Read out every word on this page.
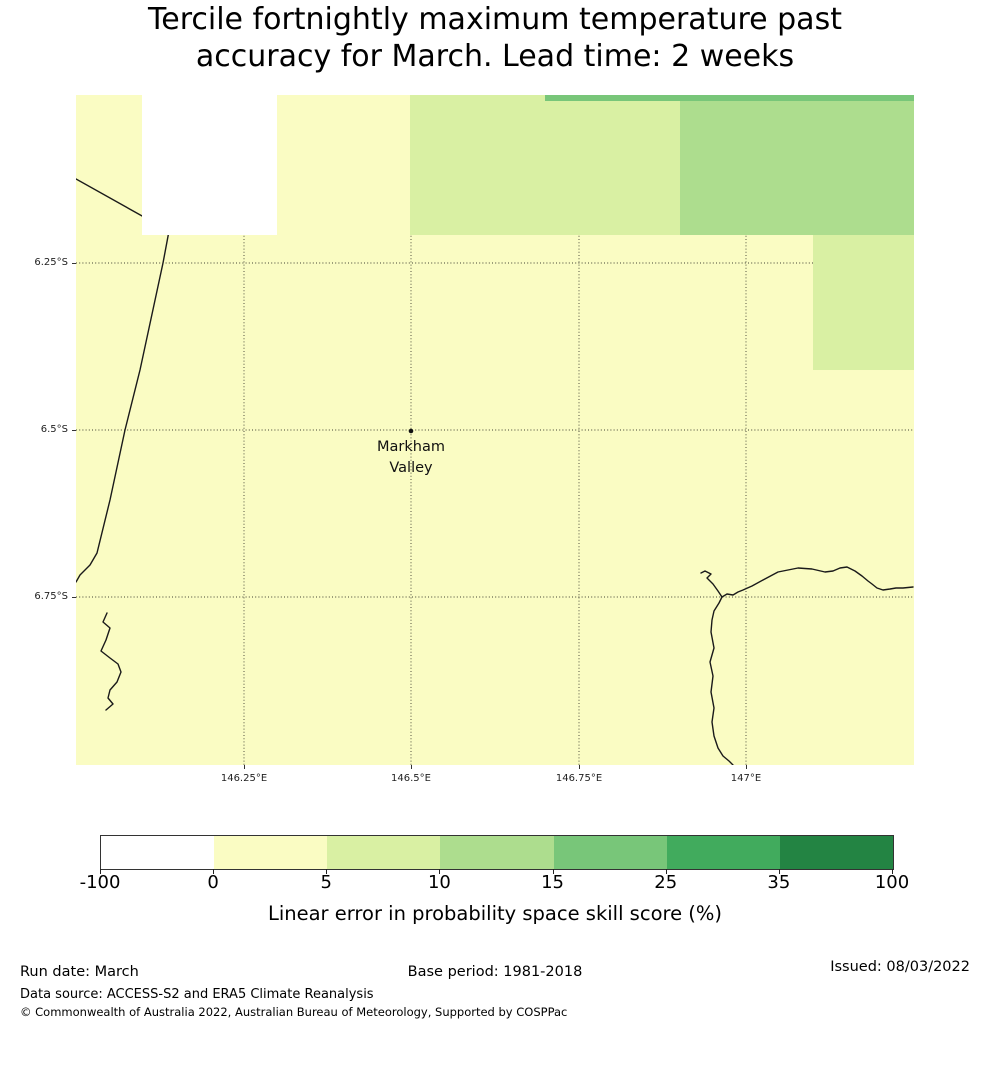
Tercile fortnightly maximum temperature past
accuracy for March. Lead time: 2 weeks
Markham
Valley
6.25°S
6.5°S
6.75°S
146.25°E	146.5°E	146.75°E	147°E
-100	0	5	10	15	25	35	100
Linear error in probability space skill score (%)
Run date: March	Base period: 1981-2018	Issued: 08/03/2022
Data source: ACCESS-S2 and ERA5 Climate Reanalysis
© Commonwealth of Australia 2022, Australian Bureau of Meteorology, Supported by COSPPac
